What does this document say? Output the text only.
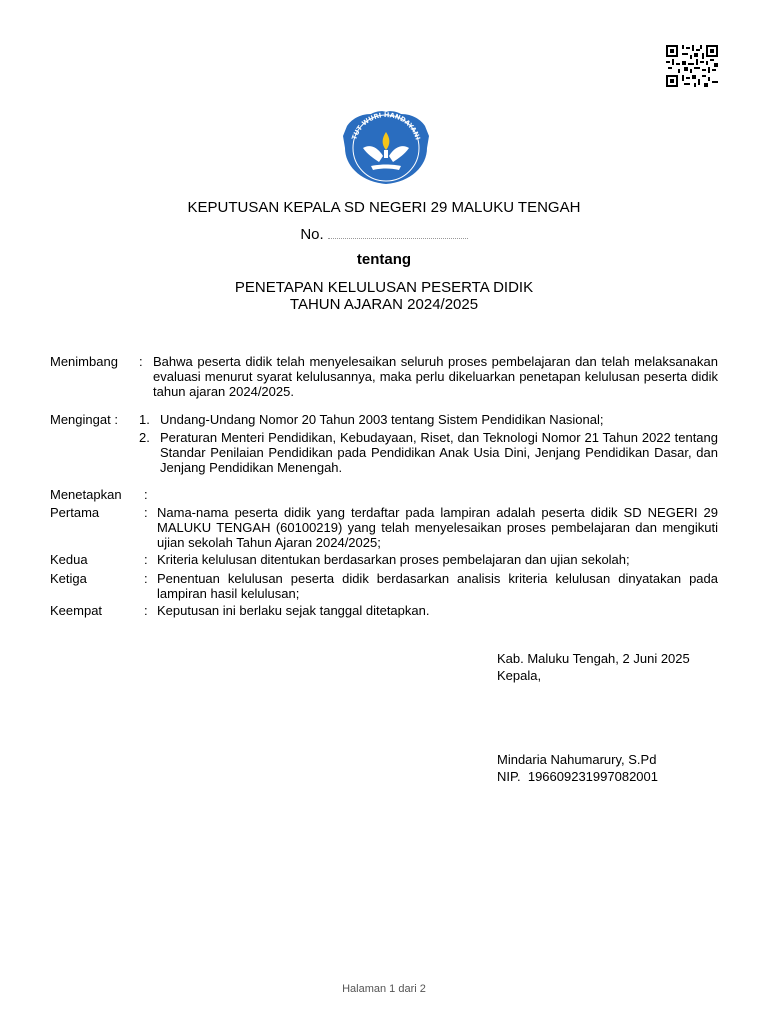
TUT WURI HANDAYANI
KEPUTUSAN KEPALA SD NEGERI 29 MALUKU TENGAH
No.
tentang
PENETAPAN KELULUSAN PESERTA DIDIK
TAHUN AJARAN 2024/2025
Menimbang : Bahwa peserta didik telah menyelesaikan seluruh proses pembelajaran dan telah melaksanakan evaluasi menurut syarat kelulusannya, maka perlu dikeluarkan penetapan kelulusan peserta didik tahun ajaran 2024/2025.
Mengingat : 1. Undang-Undang Nomor 20 Tahun 2003 tentang Sistem Pendidikan Nasional;
2. Peraturan Menteri Pendidikan, Kebudayaan, Riset, dan Teknologi Nomor 21 Tahun 2022 tentang Standar Penilaian Pendidikan pada Pendidikan Anak Usia Dini, Jenjang Pendidikan Dasar, dan Jenjang Pendidikan Menengah.
Menetapkan :
Pertama	: Nama-nama peserta didik yang terdaftar pada lampiran adalah peserta didik SD NEGERI 29 MALUKU TENGAH (60100219) yang telah menyelesaikan proses pembelajaran dan mengikuti ujian sekolah Tahun Ajaran 2024/2025;
Kedua	: Kriteria kelulusan ditentukan berdasarkan proses pembelajaran dan ujian sekolah;
Ketiga	: Penentuan kelulusan peserta didik berdasarkan analisis kriteria kelulusan dinyatakan pada lampiran hasil kelulusan;
Keempat	: Keputusan ini berlaku sejak tanggal ditetapkan.
Kab. Maluku Tengah, 2 Juni 2025
Kepala,
Mindaria Nahumarury, S.Pd
NIP. 196609231997082001
Halaman 1 dari 2
